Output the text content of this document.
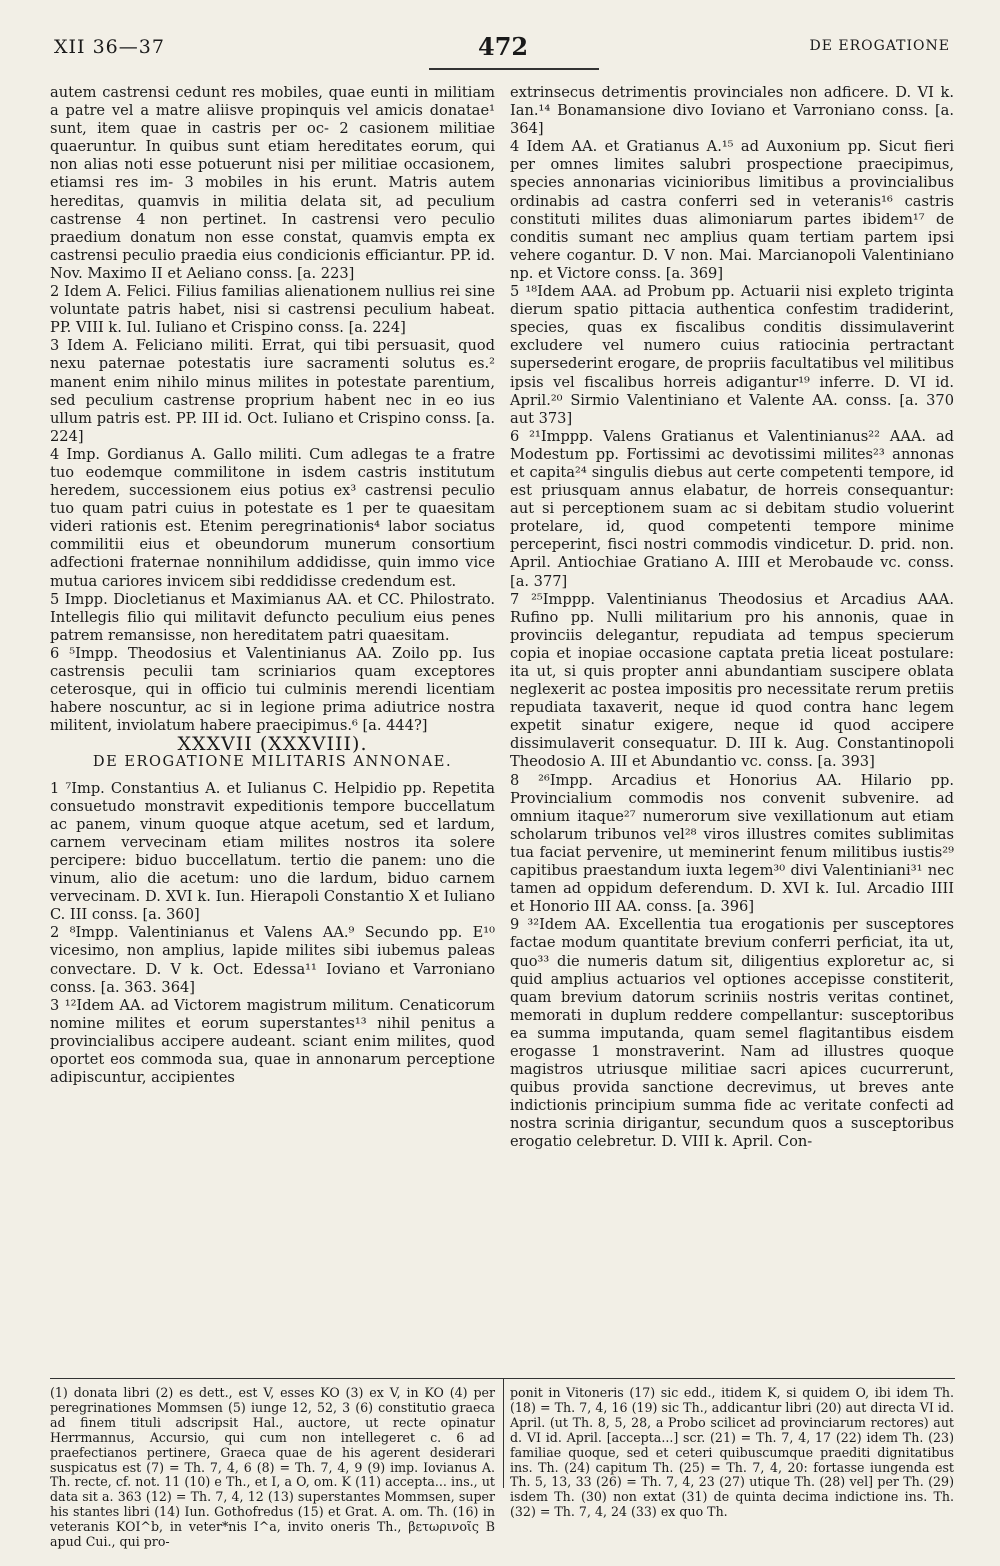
XII 36—37	472	DE EROGATIONE

autem castrensi cedunt res mobiles, quae eunti in militiam a patre vel a matre aliisve propinquis vel amicis donatae¹ sunt, item quae in castris per oc- 2 casionem militiae quaeruntur. In quibus sunt etiam hereditates eorum, qui non alias noti esse potuerunt nisi per militiae occasionem, etiamsi res im- 3 mobiles in his erunt. Matris autem hereditas, quamvis in militia delata sit, ad peculium castrense 4 non pertinet. In castrensi vero peculio praedium donatum non esse constat, quamvis empta ex castrensi peculio praedia eius condicionis efficiantur. PP. id. Nov. Maximo II et Aeliano conss. [a. 223]

2 Idem A. Felici. Filius familias alienationem nullius rei sine voluntate patris habet, nisi si castrensi peculium habeat. PP. VIII k. Iul. Iuliano et Crispino conss. [a. 224]

3 Idem A. Feliciano militi. Errat, qui tibi persuasit, quod nexu paternae potestatis iure sacramenti solutus es.² manent enim nihilo minus milites in potestate parentium, sed peculium castrense proprium habent nec in eo ius ullum patris est. PP. III id. Oct. Iuliano et Crispino conss. [a. 224]

4 Imp. Gordianus A. Gallo militi. Cum adlegas te a fratre tuo eodemque commilitone in isdem castris institutum heredem, successionem eius potius ex³ castrensi peculio tuo quam patri cuius in potestate es 1 per te quaesitam videri rationis est. Etenim peregrinationis⁴ labor sociatus commilitii eius et obeundorum munerum consortium adfectioni fraternae nonnihilum addidisse, quin immo vice mutua cariores invicem sibi reddidisse credendum est.

5 Impp. Diocletianus et Maximianus AA. et CC. Philostrato. Intellegis filio qui militavit defuncto peculium eius penes patrem remansisse, non hereditatem patri quaesitam.

6 ⁵Impp. Theodosius et Valentinianus AA. Zoilo pp. Ius castrensis peculii tam scriniarios quam exceptores ceterosque, qui in officio tui culminis merendi licentiam habere noscuntur, ac si in legione prima adiutrice nostra militent, inviolatum habere praecipimus.⁶ [a. 444?]

XXXVII (XXXVIII).

DE EROGATIONE MILITARIS ANNONAE.

1 ⁷Imp. Constantius A. et Iulianus C. Helpidio pp. Repetita consuetudo monstravit expeditionis tempore buccellatum ac panem, vinum quoque atque acetum, sed et lardum, carnem vervecinam etiam milites nostros ita solere percipere: biduo buccellatum. tertio die panem: uno die vinum, alio die acetum: uno die lardum, biduo carnem vervecinam. D. XVI k. Iun. Hierapoli Constantio X et Iuliano C. III conss. [a. 360]

2 ⁸Impp. Valentinianus et Valens AA.⁹ Secundo pp. E¹⁰ vicesimo, non amplius, lapide milites sibi iubemus paleas convectare. D. V k. Oct. Edessa¹¹ Iovianо et Varroniano conss. [a. 363. 364]

3 ¹²Idem AA. ad Victorem magistrum militum. Cenaticorum nomine milites et eorum superstantes¹³ nihil penitus a provincialibus accipere audeant. sciant enim milites, quod oportet eos commoda sua, quae in annonarum perceptione adipiscuntur, accipientes

extrinsecus detrimentis provinciales non adficere. D. VI k. Ian.¹⁴ Bonamansione divo Ioviano et Varroniano conss. [a. 364]

4 Idem AA. et Gratianus A.¹⁵ ad Auxonium pp. Sicut fieri per omnes limites salubri prospectione praecipimus, species annonarias vicinioribus limitibus a provincialibus ordinabis ad castra conferri sed in veteranis¹⁶ castris constituti milites duas alimoniarum partes ibidem¹⁷ de conditis sumant nec amplius quam tertiam partem ipsi vehere cogantur. D. V non. Mai. Marcianopoli Valentiniano np. et Victore conss. [a. 369]

5 ¹⁸Idem AAA. ad Probum pp. Actuarii nisi expleto triginta dierum spatio pittacia authentica confestim tradiderint, species, quas ex fiscalibus conditis dissimulaverint excludere vel numero cuius ratiocinia pertractant supersederint erogare, de propriis facultatibus vel militibus ipsis vel fiscalibus horreis adigantur¹⁹ inferre. D. VI id. April.²⁰ Sirmio Valentiniano et Valente AA. conss. [a. 370 aut 373]

6 ²¹Imppp. Valens Gratianus et Valentinianus²² AAA. ad Modestum pp. Fortissimi ac devotissimi milites²³ annonas et capita²⁴ singulis diebus aut certe competenti tempore, id est priusquam annus elabatur, de horreis consequantur: aut si perceptionem suam ac si debitam studio voluerint protelare, id, quod competenti tempore minime perceperint, fisci nostri commodis vindicetur. D. prid. non. April. Antiochiae Gratiano A. IIII et Merobaude vc. conss. [a. 377]

7 ²⁵Imppp. Valentinianus Theodosius et Arcadius AAA. Rufino pp. Nulli militarium pro his annonis, quae in provinciis delegantur, repudiata ad tempus specierum copia et inopiae occasione captata pretia liceat postulare: ita ut, si quis propter anni abundantiam suscipere oblata neglexerit ac postea impositis pro necessitate rerum pretiis repudiata taxaverit, neque id quod contra hanc legem expetit sinatur exigere, neque id quod accipere dissimulaverit consequatur. D. III k. Aug. Constantinopoli Theodosio A. III et Abundantio vc. conss. [a. 393]

8 ²⁶Impp. Arcadius et Honorius AA. Hilario pp. Provincialium commodis nos convenit subvenire. ad omnium itaque²⁷ numerorum sive vexillationum aut etiam scholarum tribunos vel²⁸ viros illustres comites sublimitas tua faciat pervenire, ut meminerint fenum militibus iustis²⁹ capitibus praestandum iuxta legem³⁰ divi Valentiniani³¹ nec tamen ad oppidum deferendum. D. XVI k. Iul. Arcadio IIII et Honorio III AA. conss. [a. 396]

9 ³²Idem AA. Excellentia tua erogationis per susceptores factae modum quantitate brevium conferri perficiat, ita ut, quo³³ die numeris datum sit, diligentius exploretur ac, si quid amplius actuarios vel optiones accepisse constiterit, quam brevium datorum scriniis nostris veritas continet, memorati in duplum reddere compellantur: susceptoribus ea summa imputanda, quam semel flagitantibus eisdem erogasse 1 monstraverint. Nam ad illustres quoque magistros utriusque militiae sacri apices cucurrerunt, quibus provida sanctione decrevimus, ut breves ante indictionis principium summa fide ac veritate confecti ad nostra scrinia dirigantur, secundum quos a susceptoribus erogatio celebretur. D. VIII k. April. Con-

(1) donata libri (2) es dett., est V, esses KO (3) ex V, in KO (4) per peregrinationes Mommsen (5) iunge 12, 52, 3 (6) constitutio graeca ad finem tituli adscripsit Hal., auctore, ut recte opinatur Herrmannus, Accursio, qui cum non intellegeret c. 6 ad praefectianos pertinere, Graeca quae de his agerent desiderari suspicatus est (7) = Th. 7, 4, 6 (8) = Th. 7, 4, 9 (9) imp. Iovianus A. Th. recte, cf. not. 11 (10) e Th., et I, a O, om. K (11) accepta... ins., ut data sit a. 363 (12) = Th. 7, 4, 12 (13) superstantes Mommsen, super his stantes libri (14) Iun. Gothofredus (15) et Grat. A. om. Th. (16) in veteranis KOI^b, in veter*nis I^a, invito oneris Th., βετωρινοῖς B apud Cui., qui pro-
ponit in Vitoneris (17) sic edd., itidem K, si quidem O, ibi idem Th. (18) = Th. 7, 4, 16 (19) sic Th., addicantur libri (20) aut directa VI id. April. (ut Th. 8, 5, 28, a Probo scilicet ad provinciarum rectores) aut d. VI id. April. [accepta...] scr. (21) = Th. 7, 4, 17 (22) idem Th. (23) familiae quoque, sed et ceteri quibuscumque praediti dignitatibus ins. Th. (24) capitum Th. (25) = Th. 7, 4, 20: fortasse iungenda est Th. 5, 13, 33 (26) = Th. 7, 4, 23 (27) utique Th. (28) vel] per Th. (29) isdem Th. (30) non extat (31) de quinta decima indictione ins. Th. (32) = Th. 7, 4, 24 (33) ex quo Th.
